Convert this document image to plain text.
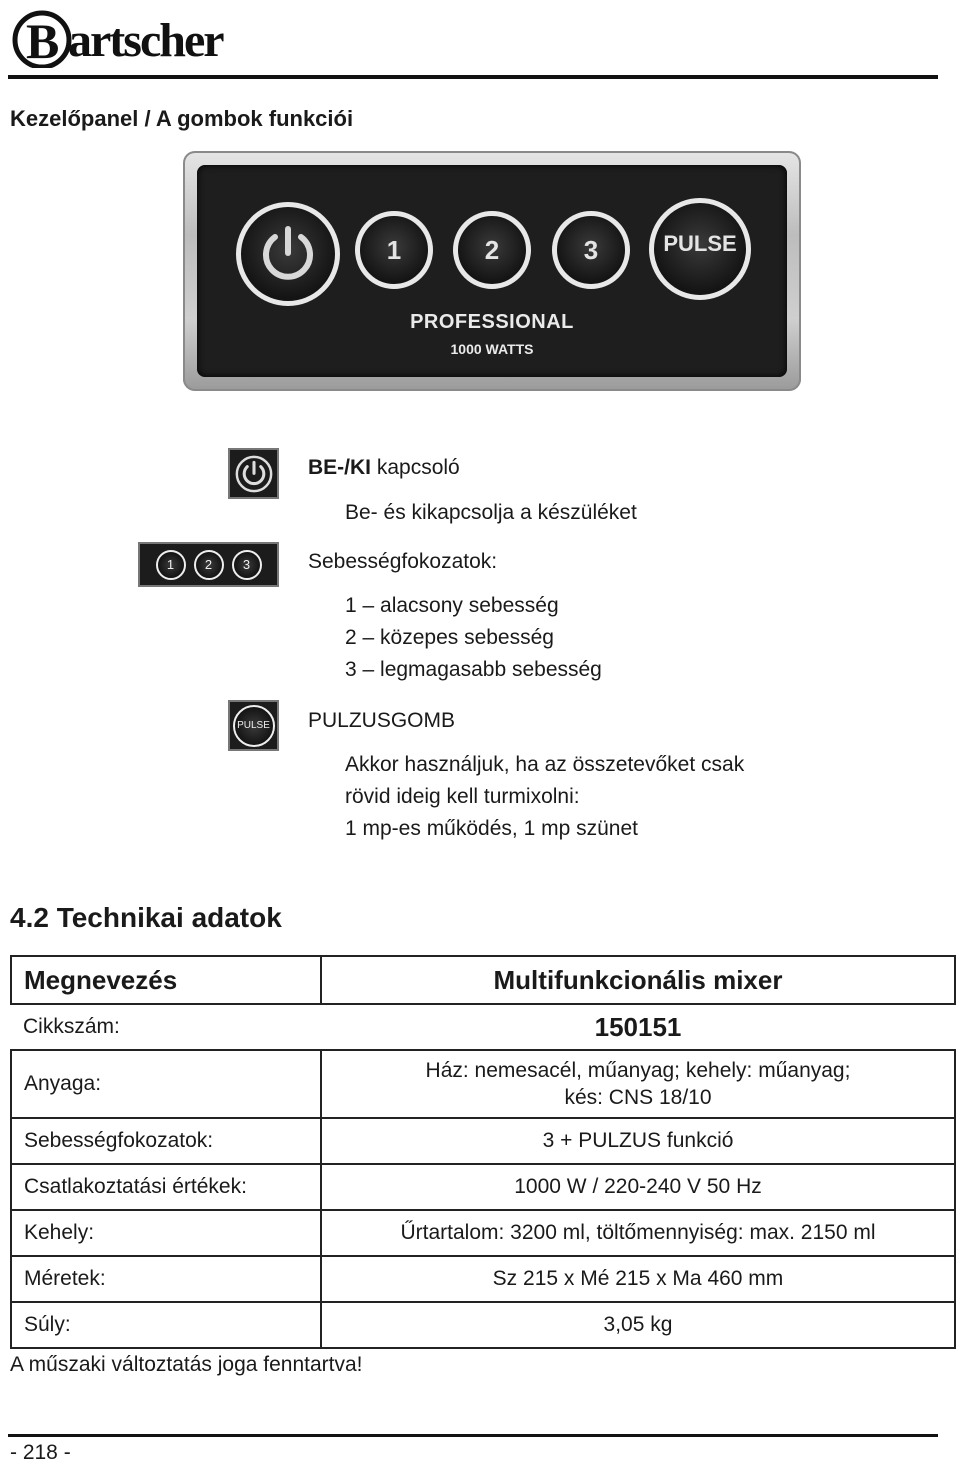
artscher
B
Kezelőpanel / A gombok funkciói
1	2	3	PULSE
PROFESSIONAL
1000 WATTS
BE-/KI kapcsoló
Be- és kikapcsolja a készüléket
1	2	3	Sebességfokozatok:
1 – alacsony sebesség
2 – közepes sebesség
3 – legmagasabb sebesség
PULSE PULZUSGOMB
Akkor használjuk, ha az összetevőket csak
rövid ideig kell turmixolni:
1 mp-es működés, 1 mp szünet
4.2 Technikai adatok
Megnevezés	Multifunkcionális mixer
Cikkszám:	150151
Anyaga:	Ház: nemesacél, műanyag; kehely: műanyag;
kés: CNS 18/10

Sebességfokozatok:	3 + PULZUS funkció
Csatlakoztatási értékek:	1000 W / 220-240 V 50 Hz
Kehely:	Űrtartalom: 3200 ml, töltőmennyiség: max. 2150 ml
Méretek:	Sz 215 x Mé 215 x Ma 460 mm
Súly:	3,05 kg
A műszaki változtatás joga fenntartva!
- 218 -
